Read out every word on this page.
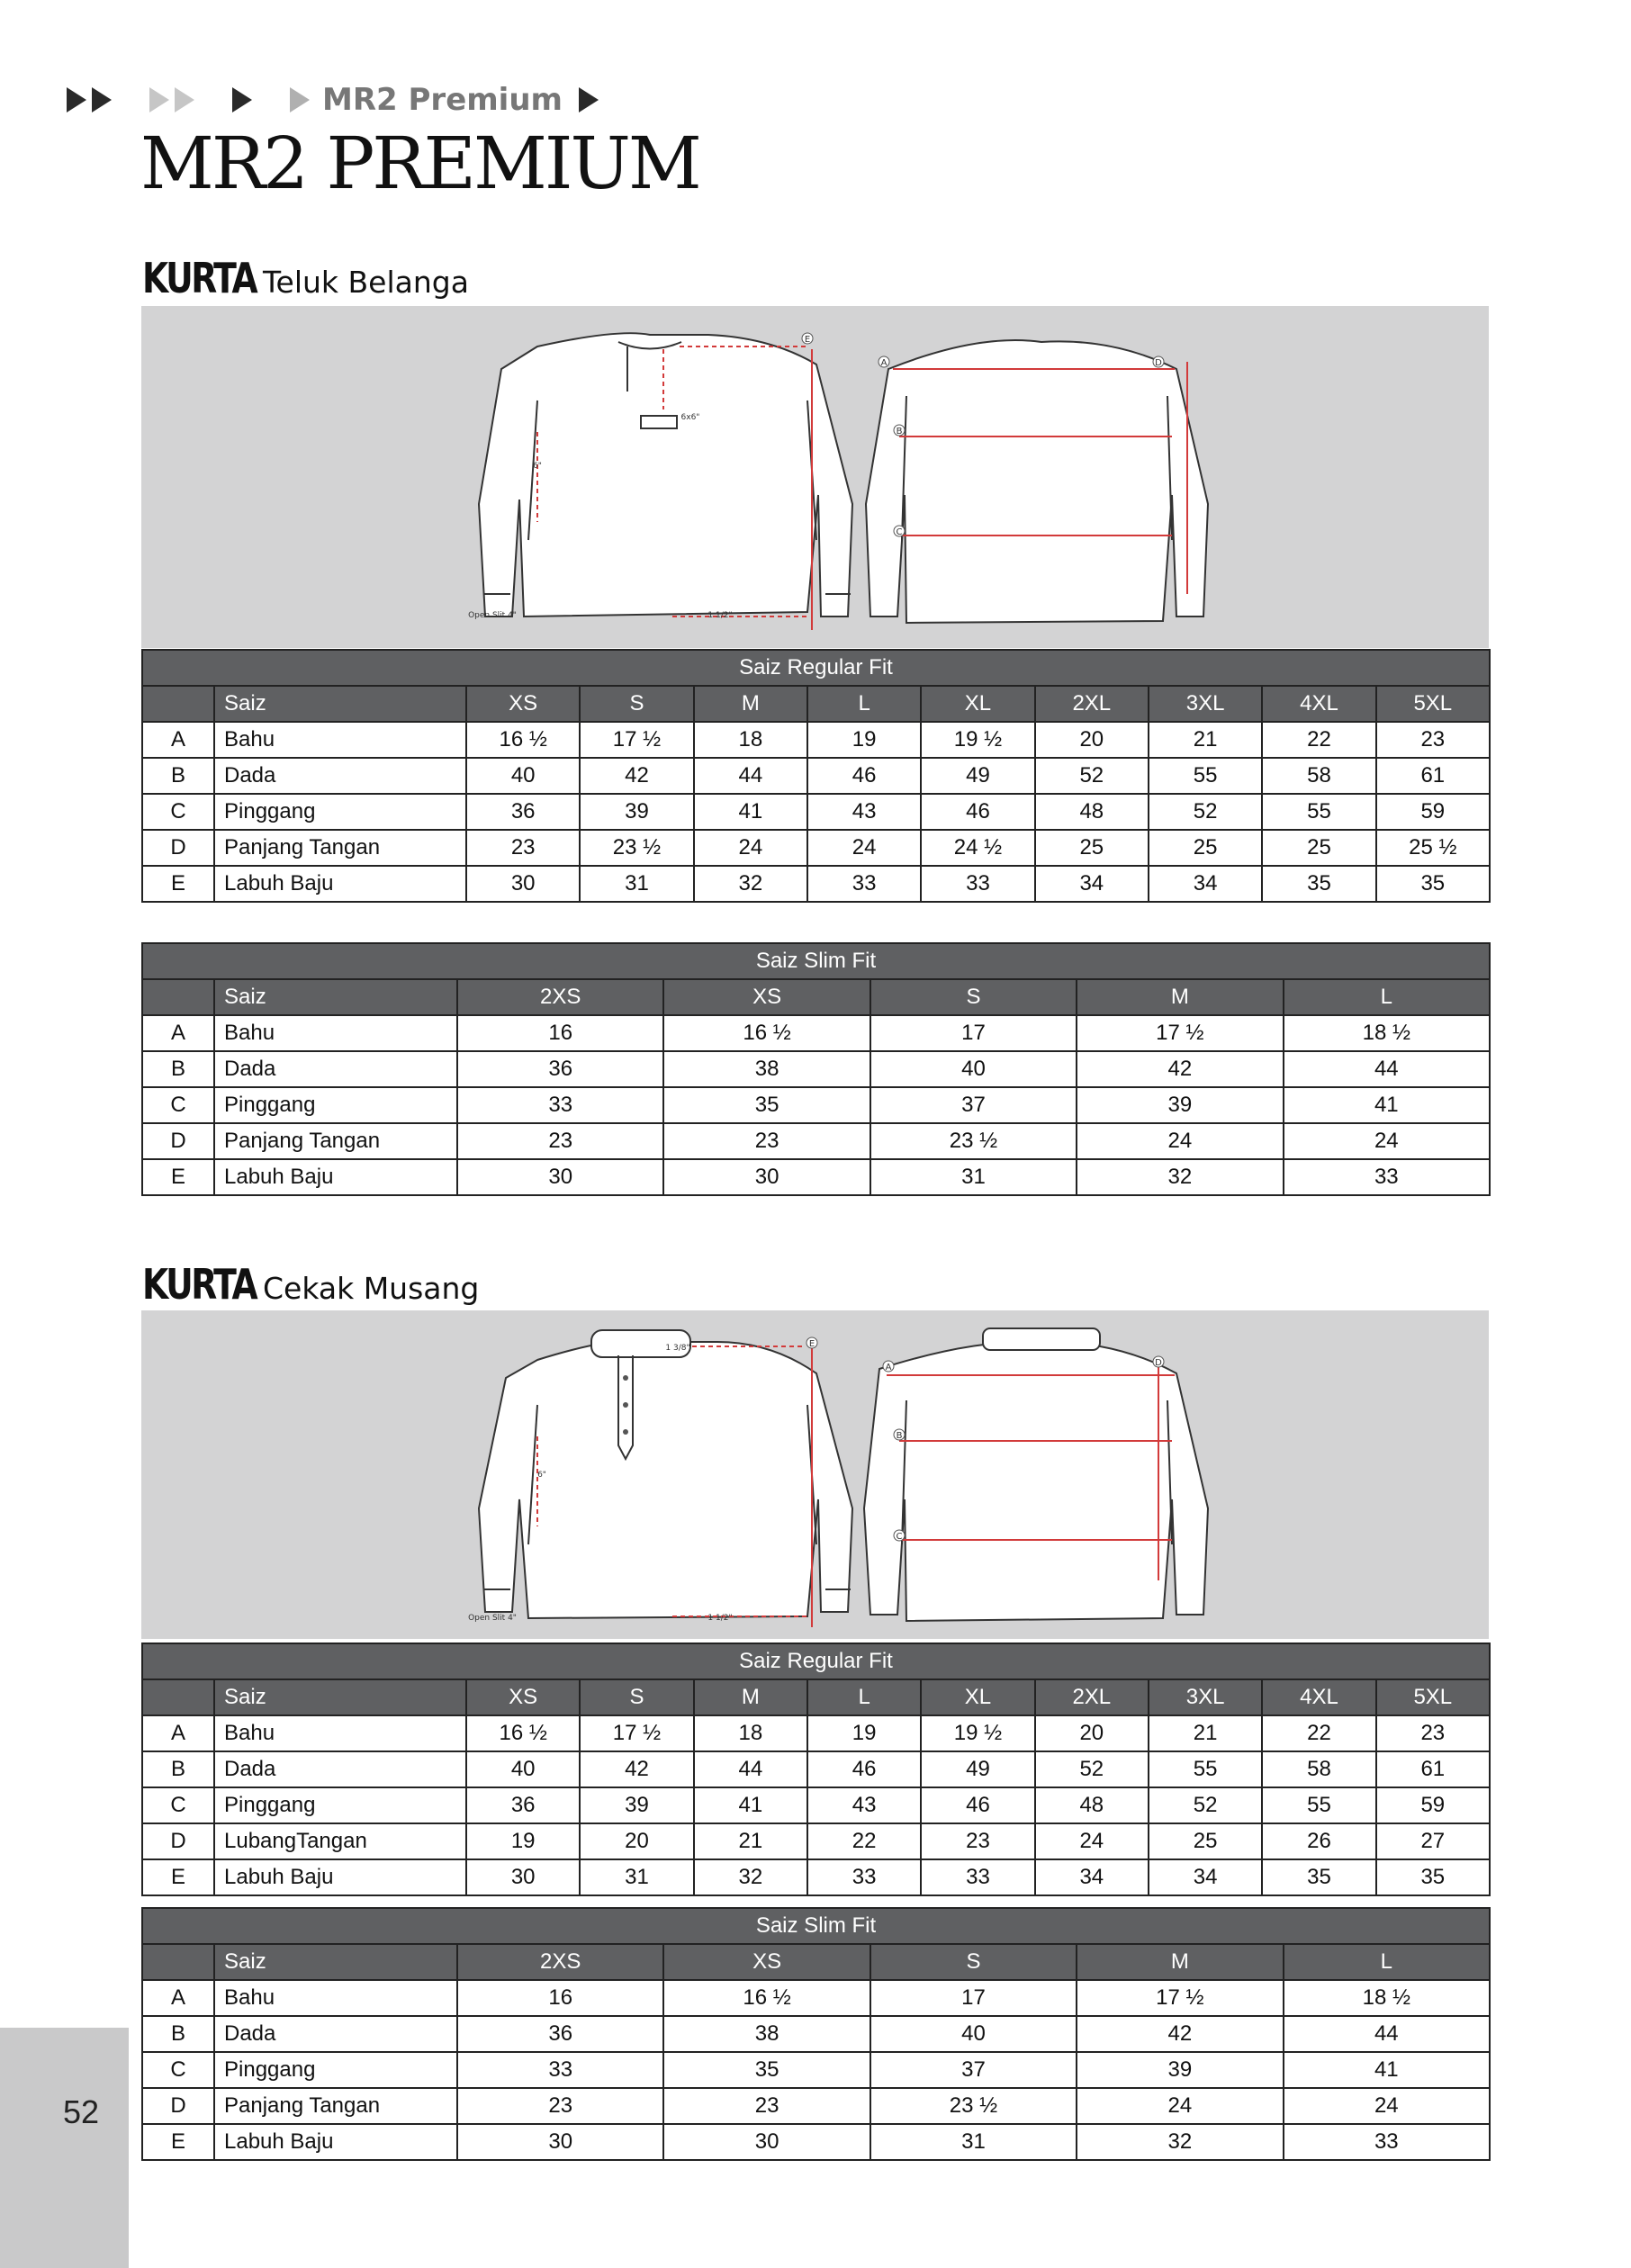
MR2 Premium
MR2 PREMIUM
KURTA Teluk Belanga
E
A	D
B
C
Open Slit 4"	1 1/2"
6x6"
6"
Saiz Regular Fit										
	Saiz	XS	S	M	L	XL	2XL	3XL	4XL	5XL
A	Bahu	16 ½	17 ½	18	19	19 ½	20	21	22	23
B	Dada	40	42	44	46	49	52	55	58	61
C	Pinggang	36	39	41	43	46	48	52	55	59
D	Panjang Tangan	23	23 ½	24	24	24 ½	25	25	25	25 ½
E	Labuh Baju	30	31	32	33	33	34	34	35	35
Saiz Slim Fit						
	Saiz	2XS	XS	S	M	L
A	Bahu	16	16 ½	17	17 ½	18 ½
B	Dada	36	38	40	42	44
C	Pinggang	33	35	37	39	41
D	Panjang Tangan	23	23	23 ½	24	24
E	Labuh Baju	30	30	31	32	33
KURTA Cekak Musang
E
A	D
B
C
Open Slit 4"	1 1/2"
1 3/8"
6"
Saiz Regular Fit										
	Saiz	XS	S	M	L	XL	2XL	3XL	4XL	5XL
A	Bahu	16 ½	17 ½	18	19	19 ½	20	21	22	23
B	Dada	40	42	44	46	49	52	55	58	61
C	Pinggang	36	39	41	43	46	48	52	55	59
D	LubangTangan	19	20	21	22	23	24	25	26	27
E	Labuh Baju	30	31	32	33	33	34	34	35	35
Saiz Slim Fit						
	Saiz	2XS	XS	S	M	L
A	Bahu	16	16 ½	17	17 ½	18 ½
B	Dada	36	38	40	42	44
C	Pinggang	33	35	37	39	41
D	Panjang Tangan	23	23	23 ½	24	24
E	Labuh Baju	30	30	31	32	33
52
